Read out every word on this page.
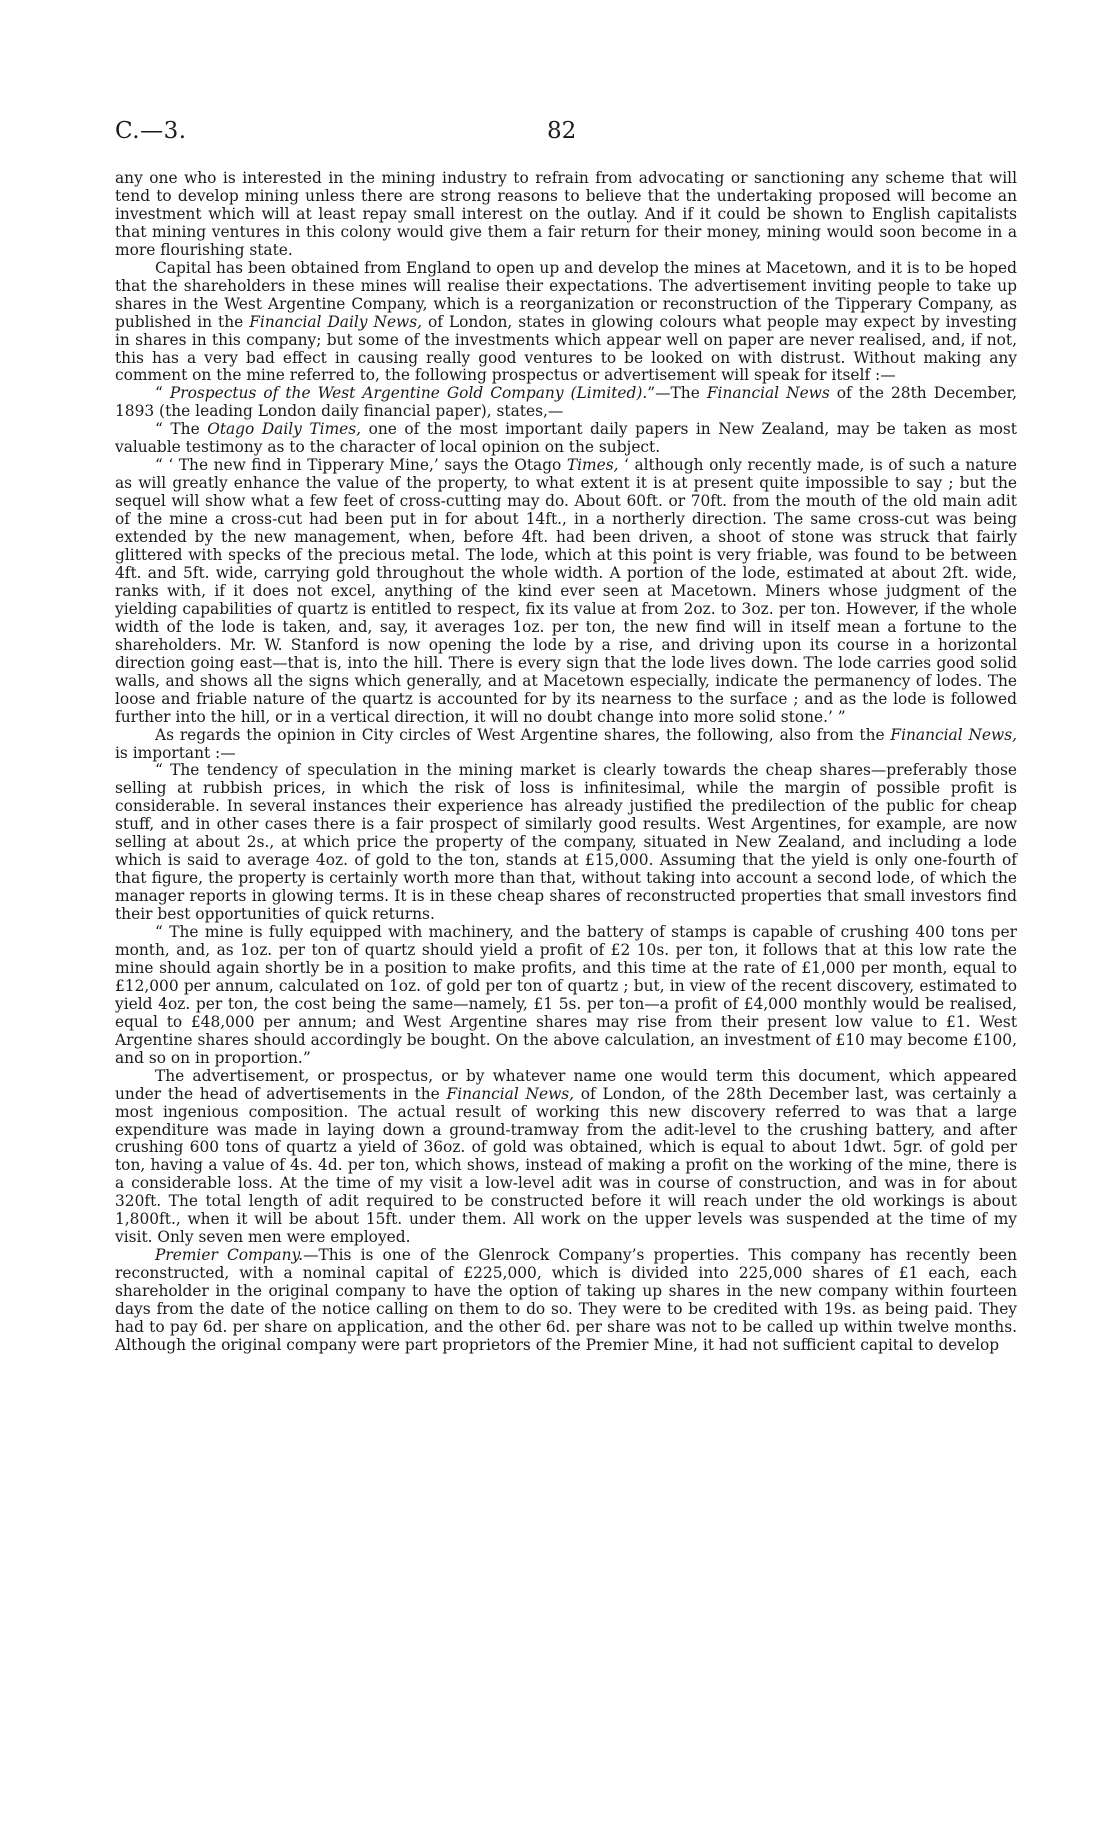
C.—3.	82

any one who is interested in the mining industry to refrain from advocating or sanctioning any scheme that will tend to develop mining unless there are strong reasons to believe that the undertaking proposed will become an investment which will at least repay small interest on the outlay. And if it could be shown to English capitalists that mining ventures in this colony would give them a fair return for their money, mining would soon become in a more flourishing state.

Capital has been obtained from England to open up and develop the mines at Macetown, and it is to be hoped that the shareholders in these mines will realise their expectations. The advertisement inviting people to take up shares in the West Argentine Company, which is a reorganization or reconstruction of the Tipperary Company, as published in the Financial Daily News, of London, states in glowing colours what people may expect by investing in shares in this company; but some of the investments which appear well on paper are never realised, and, if not, this has a very bad effect in causing really good ventures to be looked on with distrust. Without making any comment on the mine referred to, the following prospectus or advertisement will speak for itself :—

“ Prospectus of the West Argentine Gold Company (Limited).”—The Financial News of the 28th December, 1893 (the leading London daily financial paper), states,—

“ The Otago Daily Times, one of the most important daily papers in New Zealand, may be taken as most valuable testimony as to the character of local opinion on the subject.

“ ‘ The new find in Tipperary Mine,’ says the Otago Times, ‘ although only recently made, is of such a nature as will greatly enhance the value of the property, to what extent it is at present quite impossible to say ; but the sequel will show what a few feet of cross-cutting may do. About 60ft. or 70ft. from the mouth of the old main adit of the mine a cross-cut had been put in for about 14ft., in a northerly direction. The same cross-cut was being extended by the new management, when, before 4ft. had been driven, a shoot of stone was struck that fairly glittered with specks of the precious metal. The lode, which at this point is very friable, was found to be between 4ft. and 5ft. wide, carrying gold throughout the whole width. A portion of the lode, estimated at about 2ft. wide, ranks with, if it does not excel, anything of the kind ever seen at Macetown. Miners whose judgment of the yielding capabilities of quartz is entitled to respect, fix its value at from 2oz. to 3oz. per ton. However, if the whole width of the lode is taken, and, say, it averages 1oz. per ton, the new find will in itself mean a fortune to the shareholders. Mr. W. Stanford is now opening the lode by a rise, and driving upon its course in a horizontal direction going east—that is, into the hill. There is every sign that the lode lives down. The lode carries good solid walls, and shows all the signs which generally, and at Macetown especially, indicate the permanency of lodes. The loose and friable nature of the quartz is accounted for by its nearness to the surface ; and as the lode is followed further into the hill, or in a vertical direction, it will no doubt change into more solid stone.’ ”

As regards the opinion in City circles of West Argentine shares, the following, also from the Financial News, is important :—

“ The tendency of speculation in the mining market is clearly towards the cheap shares—preferably those selling at rubbish prices, in which the risk of loss is infinitesimal, while the margin of possible profit is considerable. In several instances their experience has already justified the predilection of the public for cheap stuff, and in other cases there is a fair prospect of similarly good results. West Argentines, for example, are now selling at about 2s., at which price the property of the company, situated in New Zealand, and including a lode which is said to average 4oz. of gold to the ton, stands at £15,000. Assuming that the yield is only one-fourth of that figure, the property is certainly worth more than that, without taking into account a second lode, of which the manager reports in glowing terms. It is in these cheap shares of reconstructed properties that small investors find their best opportunities of quick returns.

“ The mine is fully equipped with machinery, and the battery of stamps is capable of crushing 400 tons per month, and, as 1oz. per ton of quartz should yield a profit of £2 10s. per ton, it follows that at this low rate the mine should again shortly be in a position to make profits, and this time at the rate of £1,000 per month, equal to £12,000 per annum, calculated on 1oz. of gold per ton of quartz ; but, in view of the recent discovery, estimated to yield 4oz. per ton, the cost being the same—namely, £1 5s. per ton—a profit of £4,000 monthly would be realised, equal to £48,000 per annum; and West Argentine shares may rise from their present low value to £1. West Argentine shares should accordingly be bought. On the above calculation, an investment of £10 may become £100, and so on in proportion.”

The advertisement, or prospectus, or by whatever name one would term this document, which appeared under the head of advertisements in the Financial News, of London, of the 28th December last, was certainly a most ingenious composition. The actual result of working this new discovery referred to was that a large expenditure was made in laying down a ground-tramway from the adit-level to the crushing battery, and after crushing 600 tons of quartz a yield of 36oz. of gold was obtained, which is equal to about 1dwt. 5gr. of gold per ton, having a value of 4s. 4d. per ton, which shows, instead of making a profit on the working of the mine, there is a considerable loss. At the time of my visit a low-level adit was in course of construction, and was in for about 320ft. The total length of adit required to be constructed before it will reach under the old workings is about 1,800ft., when it will be about 15ft. under them. All work on the upper levels was suspended at the time of my visit. Only seven men were employed.

Premier Company.—This is one of the Glenrock Company’s properties. This company has recently been reconstructed, with a nominal capital of £225,000, which is divided into 225,000 shares of £1 each, each shareholder in the original company to have the option of taking up shares in the new company within fourteen days from the date of the notice calling on them to do so. They were to be credited with 19s. as being paid. They had to pay 6d. per share on application, and the other 6d. per share was not to be called up within twelve months. Although the original company were part proprietors of the Premier Mine, it had not sufficient capital to develop
